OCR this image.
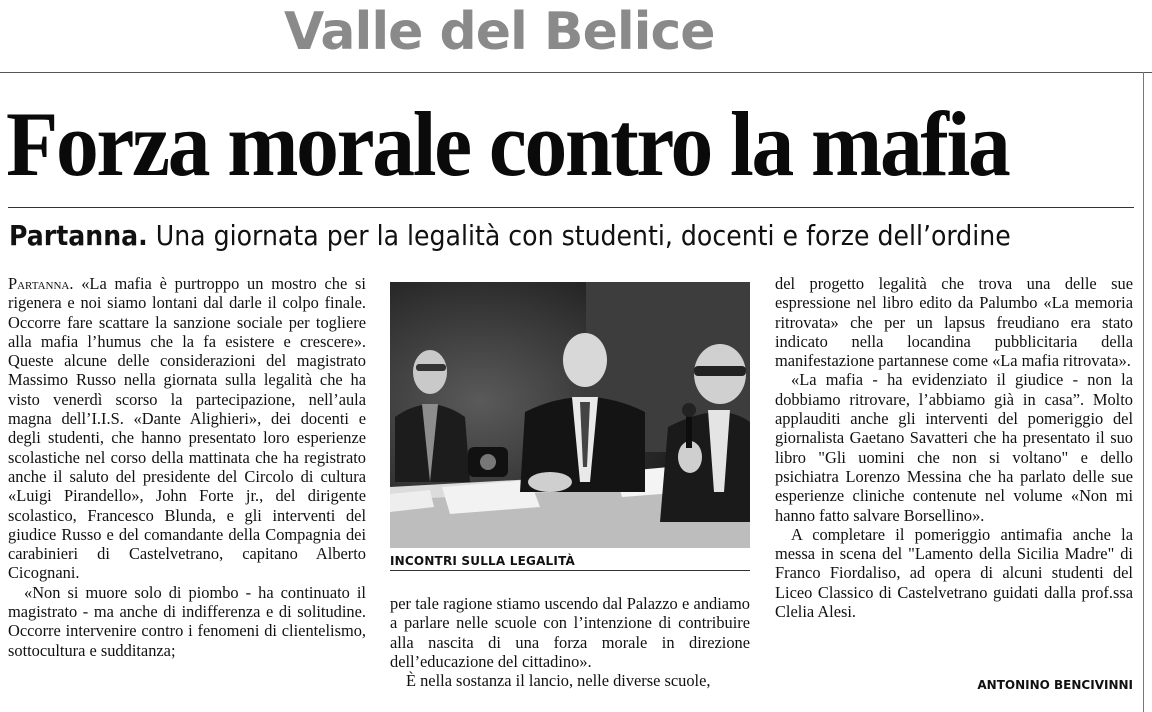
Valle del Belice
Forza morale contro la mafia
Partanna. Una giornata per la legalità con studenti, docenti e forze dell’ordine

Partanna. «La mafia è purtroppo un mostro che si rigenera e noi siamo lontani dal darle il colpo finale. Occorre fare scattare la sanzione sociale per togliere alla mafia l’humus che la fa esistere e crescere». Queste alcune delle considerazioni del magistrato Massimo Russo nella giornata sulla legalità che ha visto venerdì scorso la partecipazione, nell’aula magna dell’I.I.S. «Dante Alighieri», dei docenti e degli studenti, che hanno presentato loro esperienze scolastiche nel corso della mattinata che ha registrato anche il saluto del presidente del Circolo di cultura «Luigi Pirandello», John Forte jr., del dirigente scolastico, Francesco Blunda, e gli interventi del giudice Russo e del comandante della Compagnia dei carabinieri di Castelvetrano, capitano Alberto Cicognani.

«Non si muore solo di piombo - ha continuato il magistrato - ma anche di indifferenza e di solitudine. Occorre intervenire contro i fenomeni di clientelismo, sottocultura e sudditanza;

INCONTRI SULLA LEGALITÀ

per tale ragione stiamo uscendo dal Palazzo e andiamo a parlare nelle scuole con l’intenzione di contribuire alla nascita di una forza morale in direzione dell’educazione del cittadino».

È nella sostanza il lancio, nelle diverse scuole,

del progetto legalità che trova una delle sue espressione nel libro edito da Palumbo «La memoria ritrovata» che per un lapsus freudiano era stato indicato nella locandina pubblicitaria della manifestazione partannese come «La mafia ritrovata».

«La mafia - ha evidenziato il giudice - non la dobbiamo ritrovare, l’abbiamo già in casa”. Molto applauditi anche gli interventi del pomeriggio del giornalista Gaetano Savatteri che ha presentato il suo libro "Gli uomini che non si voltano" e dello psichiatra Lorenzo Messina che ha parlato delle sue esperienze cliniche contenute nel volume «Non mi hanno fatto salvare Borsellino».

A completare il pomeriggio antimafia anche la messa in scena del "Lamento della Sicilia Madre" di Franco Fiordaliso, ad opera di alcuni studenti del Liceo Classico di Castelvetrano guidati dalla prof.ssa Clelia Alesi.

ANTONINO BENCIVINNI
